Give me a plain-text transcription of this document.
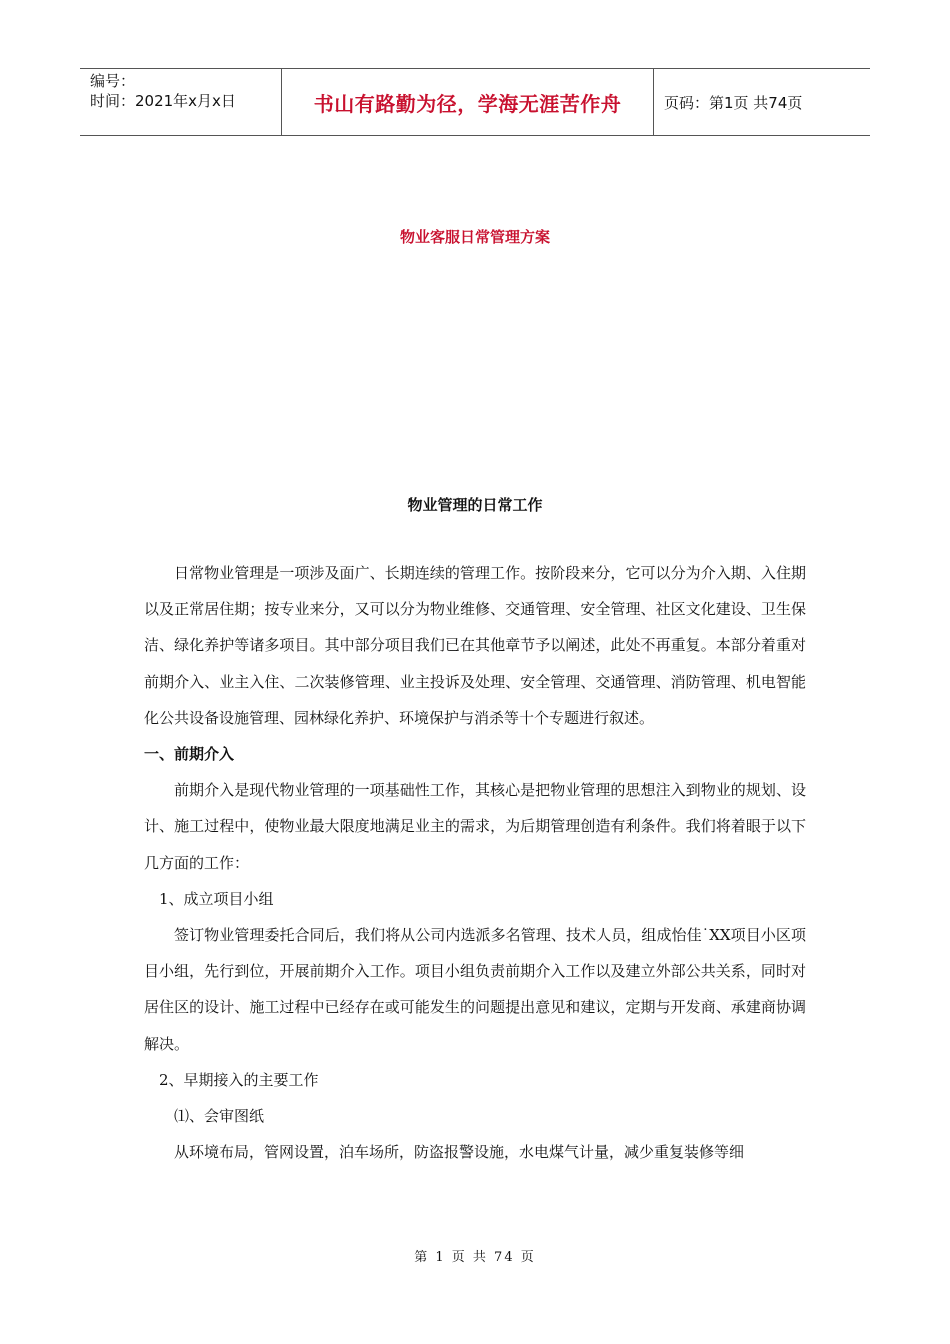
编号：
时间：2021年x月x日	书山有路勤为径，学海无涯苦作舟	页码：第1页 共74页
物业客服日常管理方案
物业管理的日常工作

日常物业管理是一项涉及面广、长期连续的管理工作。按阶段来分，它可以分为介入期、入住期以及正常居住期；按专业来分，又可以分为物业维修、交通管理、安全管理、社区文化建设、卫生保洁、绿化养护等诸多项目。其中部分项目我们已在其他章节予以阐述，此处不再重复。本部分着重对前期介入、业主入住、二次装修管理、业主投诉及处理、安全管理、交通管理、消防管理、机电智能化公共设备设施管理、园林绿化养护、环境保护与消杀等十个专题进行叙述。

一、前期介入

前期介入是现代物业管理的一项基础性工作，其核心是把物业管理的思想注入到物业的规划、设计、施工过程中，使物业最大限度地满足业主的需求，为后期管理创造有利条件。我们将着眼于以下几方面的工作：

1、成立项目小组

签订物业管理委托合同后，我们将从公司内选派多名管理、技术人员，组成怡佳˙XX项目小区项目小组，先行到位，开展前期介入工作。项目小组负责前期介入工作以及建立外部公共关系，同时对居住区的设计、施工过程中已经存在或可能发生的问题提出意见和建议，定期与开发商、承建商协调解决。

2、早期接入的主要工作

⑴、会审图纸

从环境布局，管网设置，泊车场所，防盗报警设施，水电煤气计量，减少重复装修等细

第 1 页 共 74 页
